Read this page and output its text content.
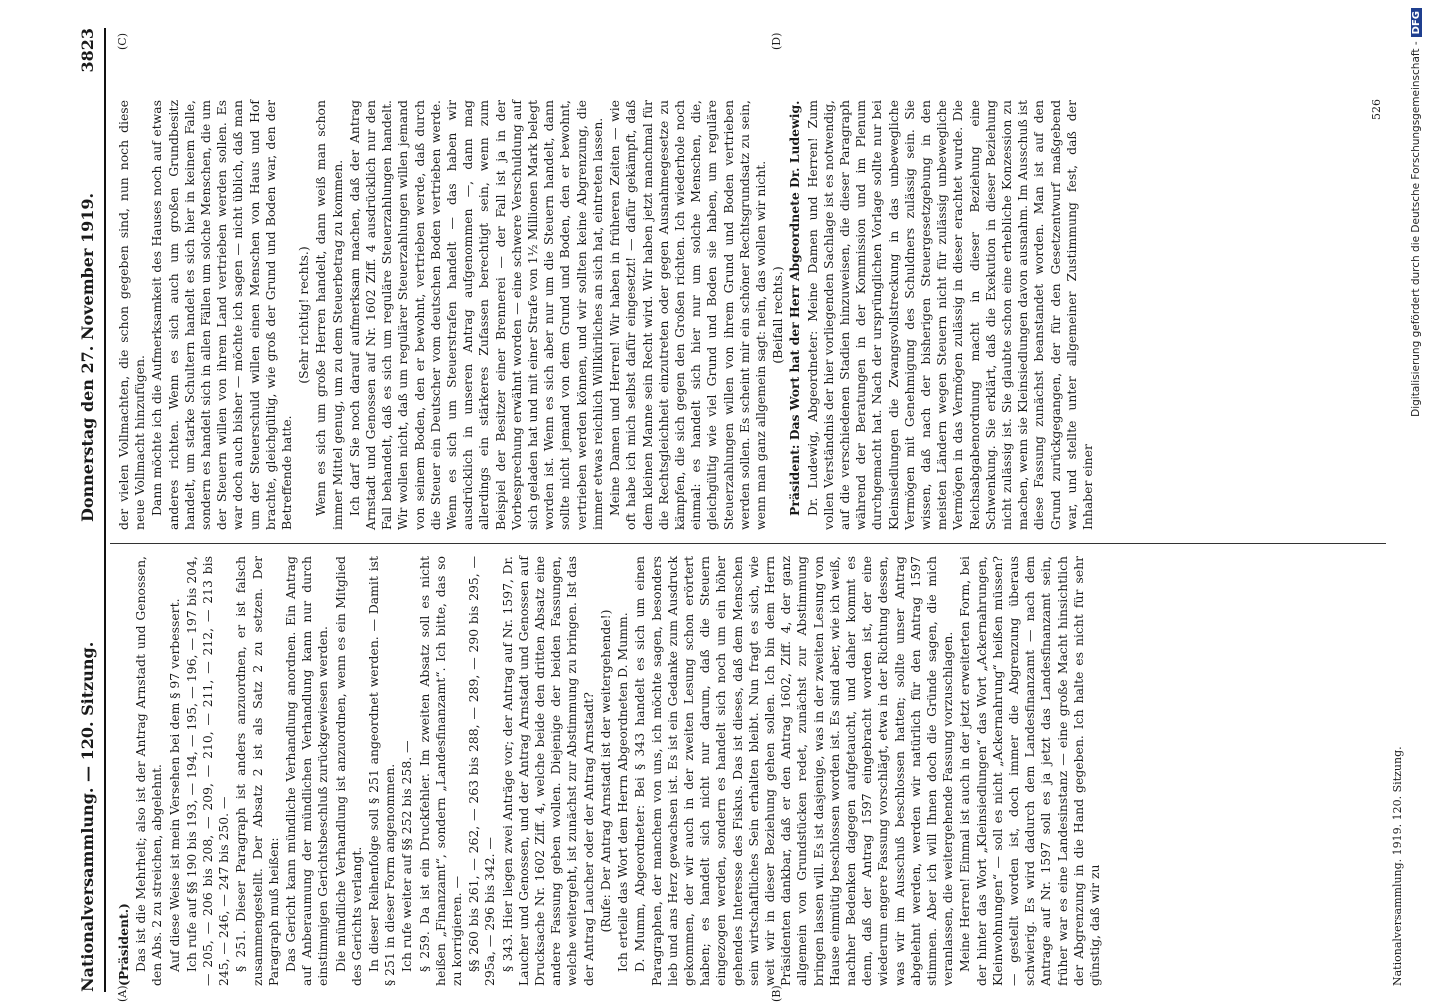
Nationalversammlung. — 120. Sitzung.
Donnerstag den 27. November 1919.
3823
(A)	(B)
(C)	(D)

(Präsident.) Das ist die Mehrheit; also ist der Antrag Arnstadt und Genossen, den Abs. 2 zu streichen, abgelehnt. Auf diese Weise ist mein Versehen bei dem § 97 verbessert. Ich rufe auf §§ 190 bis 193, — 194, — 195, — 196, — 197 bis 204, — 205, — 206 bis 208, — 209, — 210, — 211, — 212, — 213 bis 245, — 246, — 247 bis 250. — § 251. Dieser Paragraph ist anders anzuordnen, er ist falsch zusammengestellt. Der Absatz 2 ist als Satz 2 zu setzen. Der Paragraph muß heißen: Das Gericht kann mündliche Verhandlung anordnen. Ein Antrag auf Anberaumung der mündlichen Verhandlung kann nur durch einstimmigen Gerichtsbeschluß zurückgewiesen werden. Die mündliche Verhandlung ist anzuordnen, wenn es ein Mitglied des Gerichts verlangt. In dieser Reihenfolge soll § 251 angeordnet werden. — Damit ist § 251 in dieser Form angenommen. Ich rufe weiter auf §§ 252 bis 258. — § 259. Da ist ein Druckfehler. Im zweiten Absatz soll es nicht heißen „Finanzamt“, sondern „Landesfinanzamt“. Ich bitte, das so zu korrigieren. — §§ 260 bis 261, — 262, — 263 bis 288, — 289, — 290 bis 295, — 295a, — 296 bis 342. — § 343. Hier liegen zwei Anträge vor; der Antrag auf Nr. 1597, Dr. Laucher und Genossen, und der Antrag Arnstadt und Genossen auf Drucksache Nr. 1602 Ziff. 4, welche beide den dritten Absatz eine andere Fassung geben wollen. Diejenige der beiden Fassungen, welche weitergeht, ist zunächst zur Abstimmung zu bringen. Ist das der Antrag Laucher oder der Antrag Arnstadt? (Rufe: Der Antrag Arnstadt ist der weitergehende!) Ich erteile das Wort dem Herrn Abgeordneten D. Mumm. D. Mumm, Abgeordneter: Bei § 343 handelt es sich um einen Paragraphen, der manchem von uns, ich möchte sagen, besonders lieb und ans Herz gewachsen ist. Es ist ein Gedanke zum Ausdruck gekommen, der wir auch in der zweiten Lesung schon erörtert haben; es handelt sich nicht nur darum, daß die Steuern eingezogen werden, sondern es handelt sich noch um ein höher gehendes Interesse des Fiskus. Das ist dieses, daß dem Menschen sein wirtschaftliches Sein erhalten bleibt. Nun fragt es sich, wie weit wir in dieser Beziehung gehen sollen. Ich bin dem Herrn Präsidenten dankbar, daß er den Antrag 1602, Ziff. 4, der ganz allgemein von Grundstücken redet, zunächst zur Abstimmung bringen lassen will. Es ist dasjenige, was in der zweiten Lesung von Hause einmütig beschlossen worden ist. Es sind aber, wie ich weiß, nachher Bedenken dagegen aufgetaucht, und daher kommt es denn, daß der Antrag 1597 eingebracht worden ist, der eine wiederum engere Fassung vorschlägt, etwa in der Richtung dessen, was wir im Ausschuß beschlossen hatten; sollte unser Antrag abgelehnt werden, werden wir natürlich für den Antrag 1597 stimmen. Aber ich will Ihnen doch die Gründe sagen, die mich veranlassen, die weitergehende Fassung vorzuschlagen. Meine Herren! Einmal ist auch in der jetzt erweiterten Form, bei der hinter das Wort „Kleinsiedlungen“ das Wort „Ackernahrungen, Kleinwohnungen“ — soll es nicht „Ackernahrung“ heißen müssen? — gestellt worden ist, doch immer die Abgrenzung überaus schwierig. Es wird dadurch dem Landesfinanzamt — nach dem Antrage auf Nr. 1597 soll es ja jetzt das Landesfinanzamt sein, früher war es eine Landesinstanz — eine große Macht hinsichtlich der Abgrenzung in die Hand gegeben. Ich halte es nicht für sehr günstig, daß wir zu

der vielen Vollmachten, die schon gegeben sind, nun noch diese neue Vollmacht hinzufügen. Dann möchte ich die Aufmerksamkeit des Hauses noch auf etwas anderes richten. Wenn es sich auch um großen Grundbesitz handelt, um starke Schultern handelt es sich hier in keinem Falle, sondern es handelt sich in allen Fällen um solche Menschen, die um der Steuern willen von ihrem Land vertrieben werden sollen. Es war doch auch bisher — möchte ich sagen — nicht üblich, daß man um der Steuerschuld willen einen Menschen von Haus und Hof brachte, gleichgültig, wie groß der Grund und Boden war, den der Betreffende hatte.

(Sehr richtig! rechts.) Wenn es sich um große Herren handelt, dann weiß man schon immer Mittel genug, um zu dem Steuerbetrag zu kommen. Ich darf Sie noch darauf aufmerksam machen, daß der Antrag Arnstadt und Genossen auf Nr. 1602 Ziff. 4 ausdrücklich nur den Fall behandelt, daß es sich um reguläre Steuerzahlungen handelt. Wir wollen nicht, daß um regulärer Steuerzahlungen willen jemand von seinem Boden, den er bewohnt, vertrieben werde, daß durch die Steuer ein Deutscher vom deutschen Boden vertrieben werde. Wenn es sich um Steuerstrafen handelt — das haben wir ausdrücklich in unseren Antrag aufgenommen —, dann mag allerdings ein stärkeres Zufassen berechtigt sein, wenn zum Beispiel der Besitzer einer Brennerei — der Fall ist ja in der Vorbesprechung erwähnt worden — eine schwere Verschuldung auf sich geladen hat und mit einer Strafe von 1½ Millionen Mark belegt worden ist. Wenn es sich aber nur um die Steuern handelt, dann sollte nicht jemand von dem Grund und Boden, den er bewohnt, vertrieben werden können, und wir sollten keine Abgrenzung, die immer etwas reichlich Willkürliches an sich hat, eintreten lassen. Meine Damen und Herren! Wir haben in früheren Zeiten — wie oft habe ich mich selbst dafür eingesetzt! — dafür gekämpft, daß dem kleinen Manne sein Recht wird. Wir haben jetzt manchmal für die Rechtsgleichheit einzutreten oder gegen Ausnahmegesetze zu kämpfen, die sich gegen den Großen richten. Ich wiederhole noch einmal: es handelt sich hier nur um solche Menschen, die, gleichgültig wie viel Grund und Boden sie haben, um reguläre Steuerzahlungen willen von ihrem Grund und Boden vertrieben werden sollen. Es scheint mir ein schöner Rechtsgrundsatz zu sein, wenn man ganz allgemein sagt: nein, das wollen wir nicht. (Beifall rechts.) Präsident: Das Wort hat der Herr Abgeordnete Dr. Ludewig. Dr. Ludewig, Abgeordneter: Meine Damen und Herren! Zum vollen Verständnis der hier vorliegenden Sachlage ist es notwendig, auf die verschiedenen Stadien hinzuweisen, die dieser Paragraph während der Beratungen in der Kommission und im Plenum durchgemacht hat. Nach der ursprünglichen Vorlage sollte nur bei Kleinsiedlungen die Zwangsvollstreckung in das unbewegliche Vermögen mit Genehmigung des Schuldners zulässig sein. Sie wissen, daß nach der bisherigen Steuergesetzgebung in den meisten Ländern wegen Steuern nicht für zulässig unbewegliche Vermögen in das Vermögen zulässig in dieser erachtet wurde. Die Reichsabgabenordnung macht in dieser Beziehung eine Schwenkung. Sie erklärt, daß die Exekution in dieser Beziehung nicht zulässig ist. Sie glaubte schon eine erhebliche Konzession zu machen, wenn sie Kleinsiedlungen davon ausnahm. Im Ausschuß ist diese Fassung zunächst beanstandet worden. Man ist auf den Grund zurückgegangen, der für den Gesetzentwurf maßgebend war, und stellte unter allgemeiner Zustimmung fest, daß der Inhaber einer

526
Nationalversammlung. 1919. 120. Sitzung.
Digitalisierung gefördert durch die Deutsche Forschungsgemeinschaft -DFG
